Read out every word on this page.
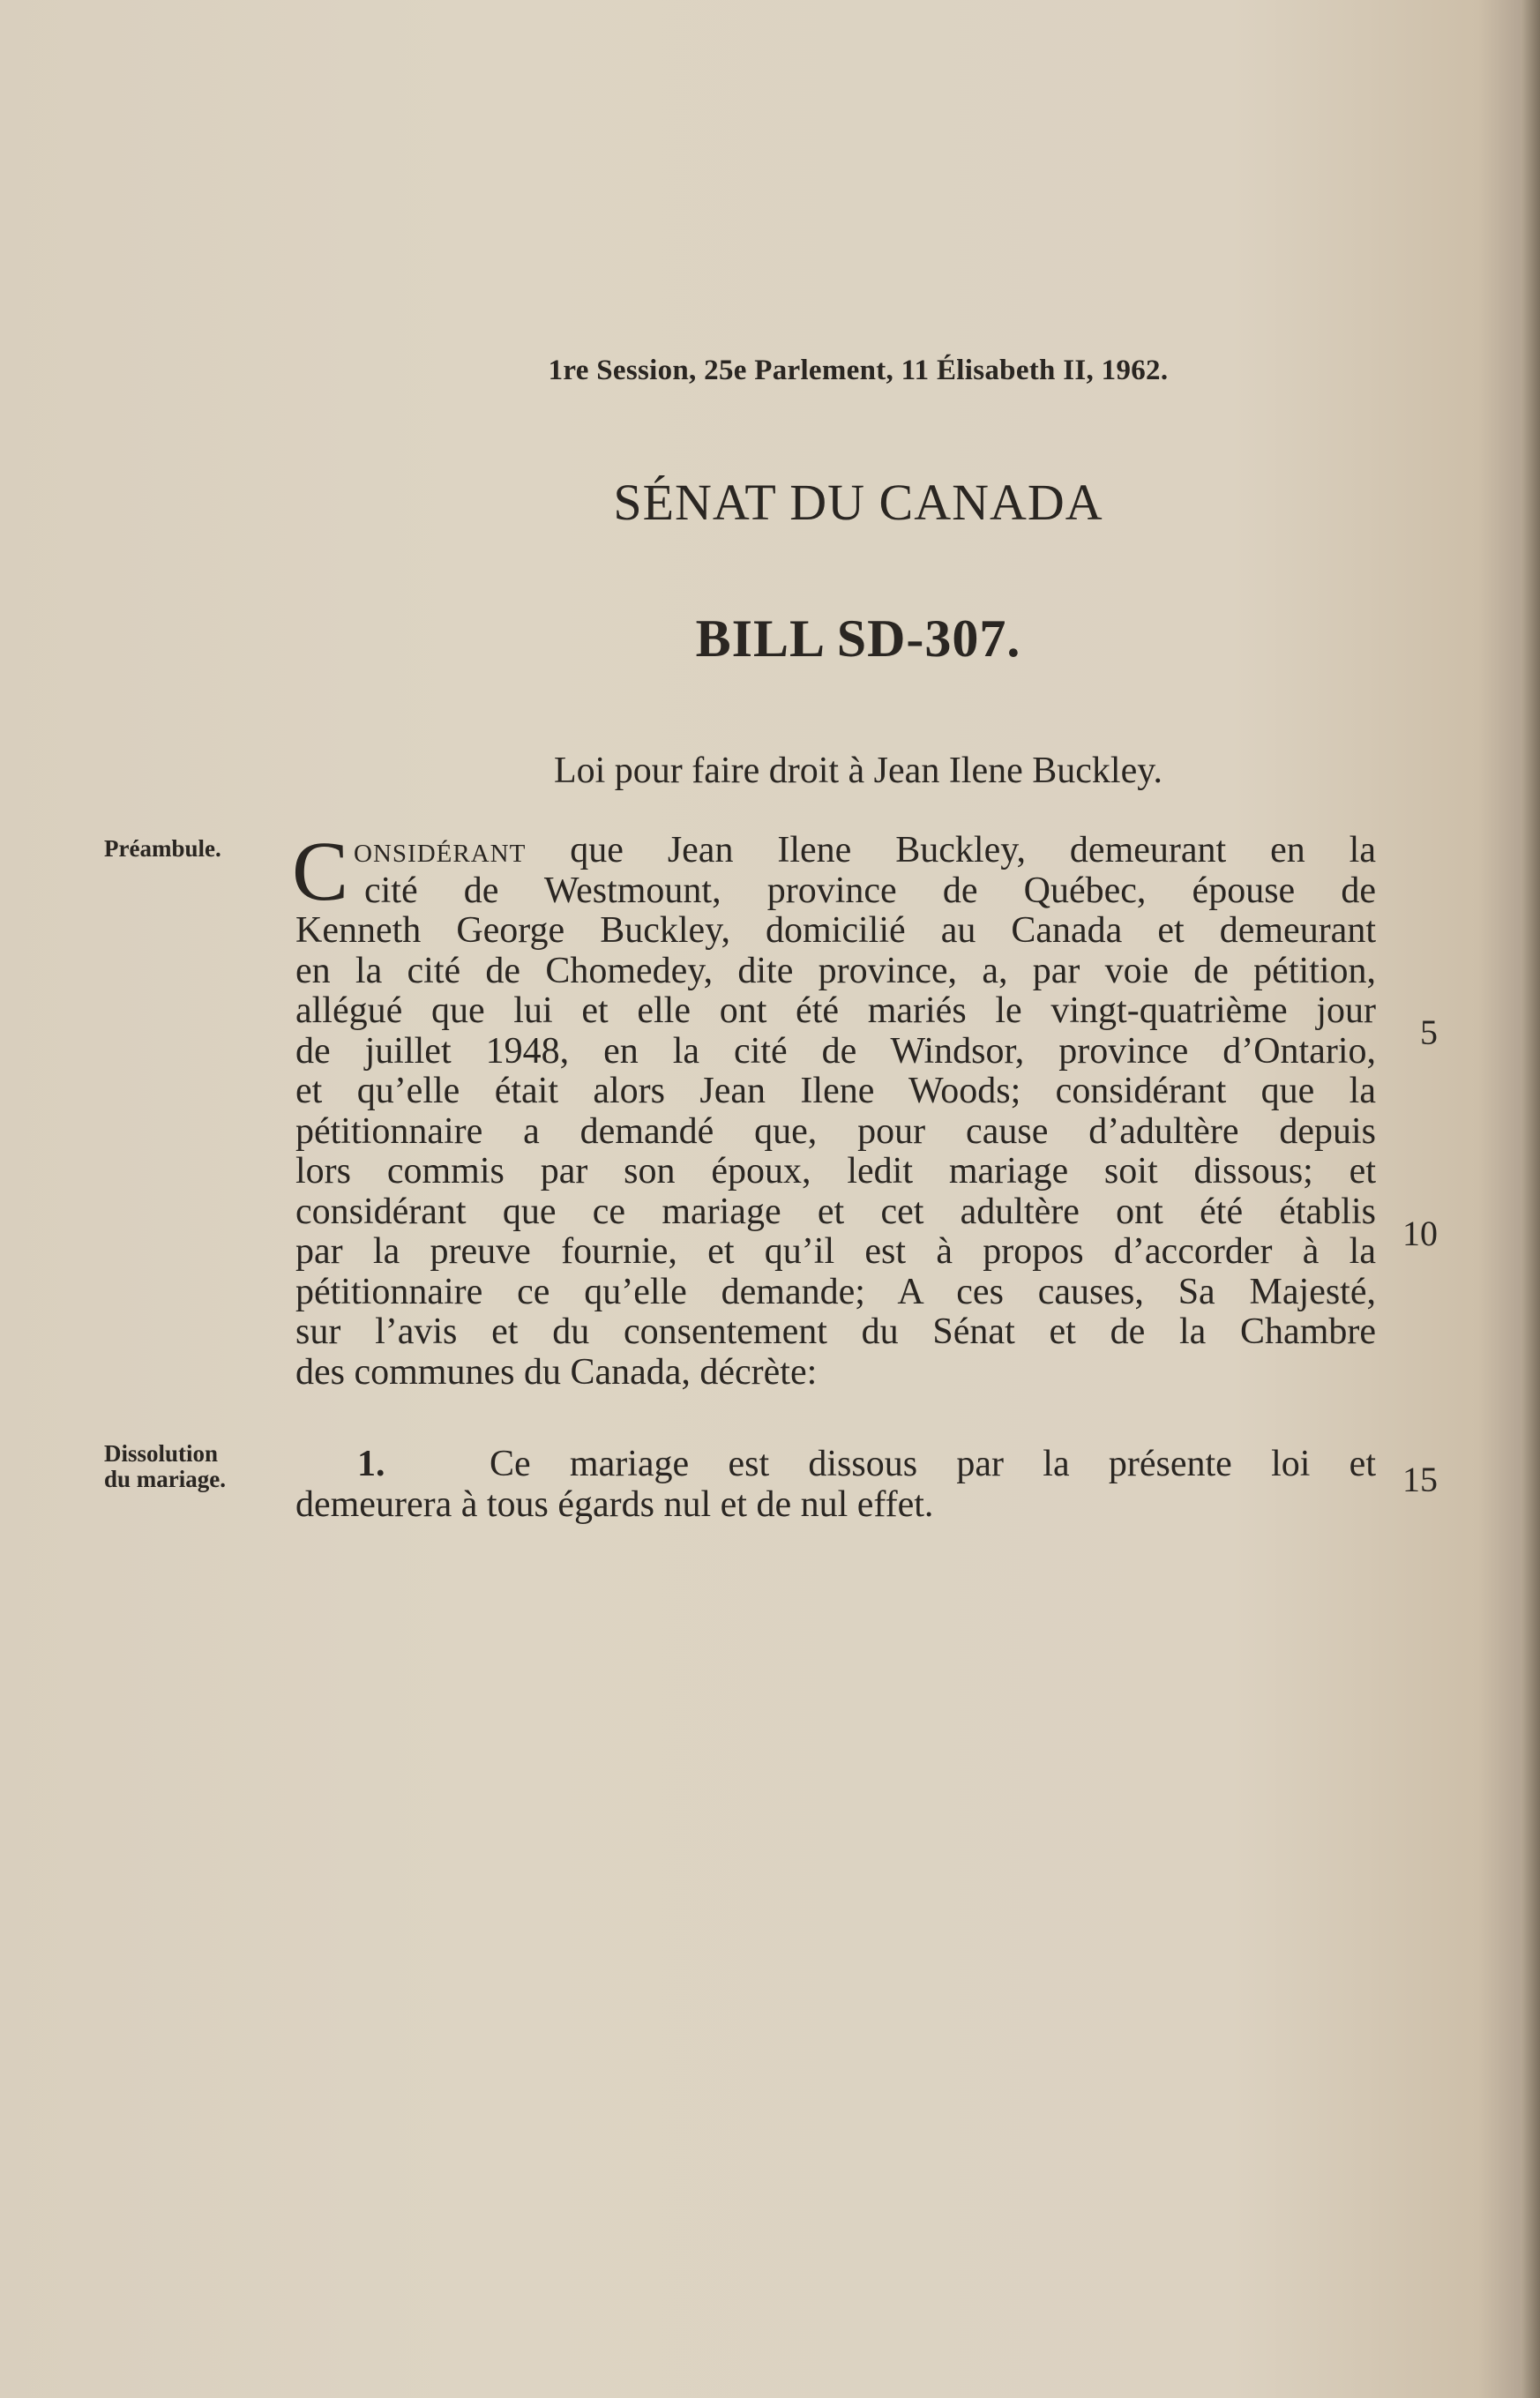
1re Session, 25e Parlement, 11 Élisabeth II, 1962.
SÉNAT DU CANADA
BILL SD-307.
Loi pour faire droit à Jean Ilene Buckley.
Préambule. Considérant que Jean Ilene Buckley, demeurant en la
cité de Westmount, province de Québec, épouse de
Kenneth George Buckley, domicilié au Canada et demeurant
en la cité de Chomedey, dite province, a, par voie de pétition,
allégué que lui et elle ont été mariés le vingt-quatrième jour
de juillet 1948, en la cité de Windsor, province d’Ontario,
et qu’elle était alors Jean Ilene Woods; considérant que la
pétitionnaire a demandé que, pour cause d’adultère depuis
lors commis par son époux, ledit mariage soit dissous; et
considérant que ce mariage et cet adultère ont été établis
par la preuve fournie, et qu’il est à propos d’accorder à la
pétitionnaire ce qu’elle demande; A ces causes, Sa Majesté,
sur l’avis et du consentement du Sénat et de la Chambre
des communes du Canada, décrète:
5
10
Dissolution
du mariage.	1.	Ce mariage est dissous par la présente loi et
demeurera à tous égards nul et de nul effet.
15
